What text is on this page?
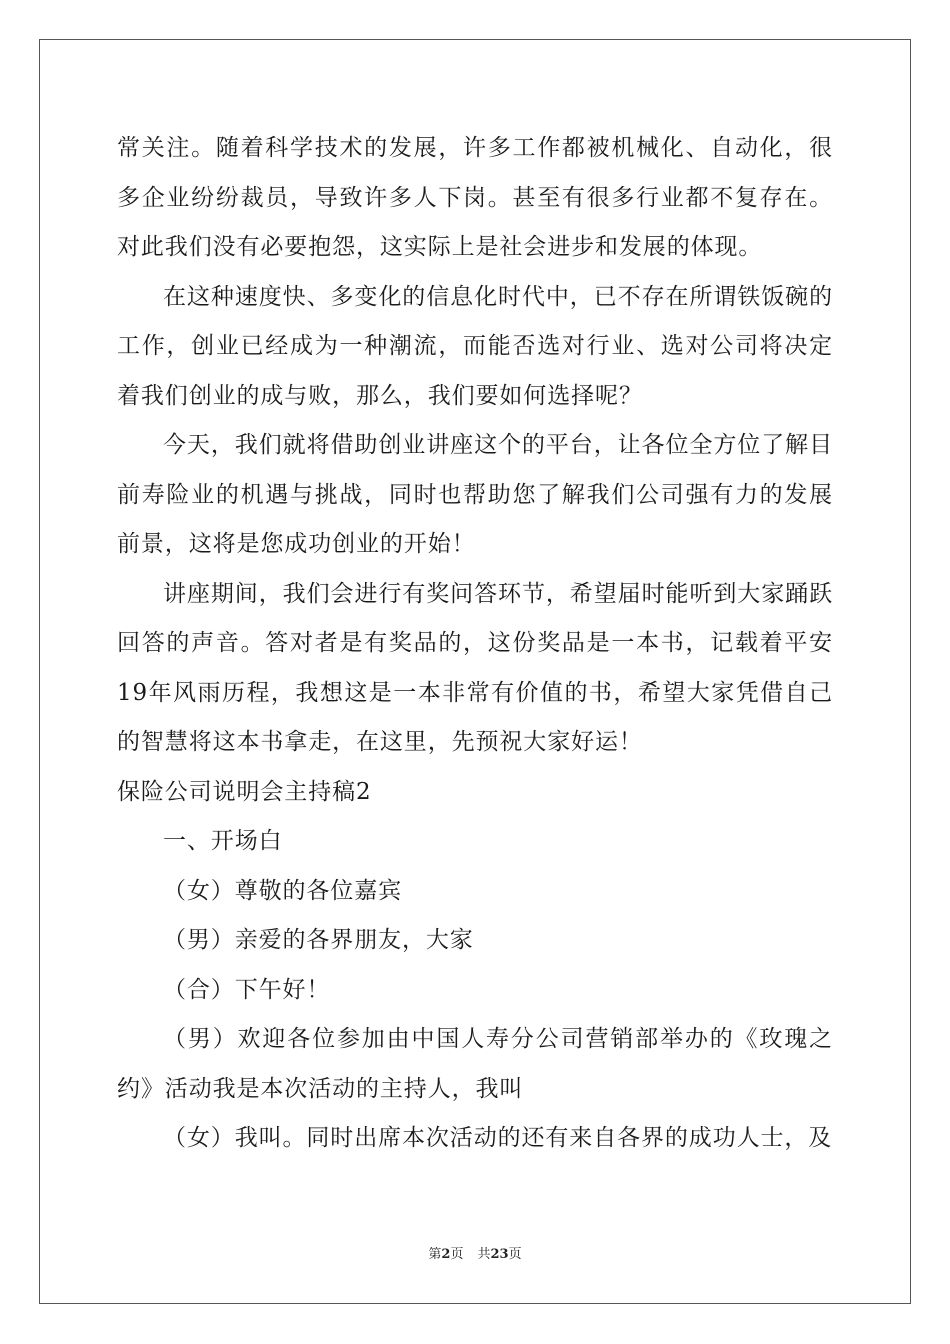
常关注。随着科学技术的发展，许多工作都被机械化、自动化，很多企业纷纷裁员，导致许多人下岗。甚至有很多行业都不复存在。对此我们没有必要抱怨，这实际上是社会进步和发展的体现。

在这种速度快、多变化的信息化时代中，已不存在所谓铁饭碗的工作，创业已经成为一种潮流，而能否选对行业、选对公司将决定着我们创业的成与败，那么，我们要如何选择呢？

今天，我们就将借助创业讲座这个的平台，让各位全方位了解目前寿险业的机遇与挑战，同时也帮助您了解我们公司强有力的发展前景，这将是您成功创业的开始！

讲座期间，我们会进行有奖问答环节，希望届时能听到大家踊跃回答的声音。答对者是有奖品的，这份奖品是一本书，记载着平安19年风雨历程，我想这是一本非常有价值的书，希望大家凭借自己的智慧将这本书拿走，在这里，先预祝大家好运！

保险公司说明会主持稿2

一、开场白

（女）尊敬的各位嘉宾

（男）亲爱的各界朋友，大家

（合）下午好！

（男）欢迎各位参加由中国人寿分公司营销部举办的《玫瑰之约》活动我是本次活动的主持人，我叫

（女）我叫。同时出席本次活动的还有来自各界的成功人士，及

第2页 共23页
